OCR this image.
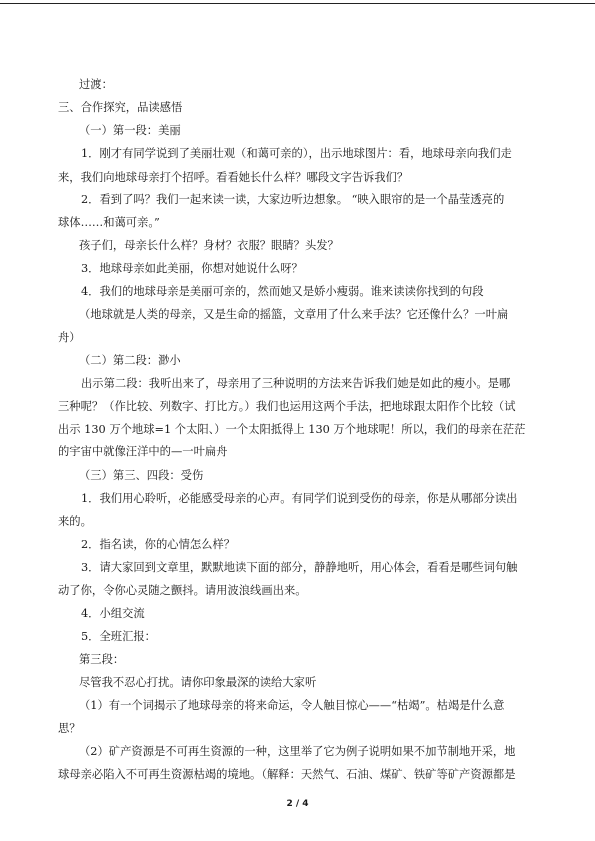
过渡：
三、合作探究，品读感悟
（一）第一段：美丽
1．刚才有同学说到了美丽壮观（和蔼可亲的），出示地球图片：看，地球母亲向我们走
来，我们向地球母亲打个招呼。看看她长什么样？哪段文字告诉我们？
2．看到了吗？我们一起来读一读，大家边听边想象。 “映入眼帘的是一个晶莹透亮的
球体……和蔼可亲。”
孩子们，母亲长什么样？身材？衣服？眼睛？头发？
3．地球母亲如此美丽，你想对她说什么呀？
4．我们的地球母亲是美丽可亲的，然而她又是娇小瘦弱。谁来读读你找到的句段
（地球就是人类的母亲，又是生命的摇篮，文章用了什么来手法？它还像什么？一叶扁
舟）
（二）第二段：渺小
出示第二段：我听出来了，母亲用了三种说明的方法来告诉我们她是如此的瘦小。是哪
三种呢？（作比较、列数字、打比方。）我们也运用这两个手法，把地球跟太阳作个比较（试
出示 130 万个地球=1 个太阳、）一个太阳抵得上 130 万个地球呢！所以，我们的母亲在茫茫
的宇宙中就像汪洋中的—一叶扁舟
（三）第三、四段：受伤
1．我们用心聆听，必能感受母亲的心声。有同学们说到受伤的母亲，你是从哪部分读出
来的。
2．指名读，你的心情怎么样？
3．请大家回到文章里，默默地读下面的部分，静静地听，用心体会，看看是哪些词句触
动了你，令你心灵随之颤抖。请用波浪线画出来。
4．小组交流
5．全班汇报：
第三段：
尽管我不忍心打扰。请你印象最深的读给大家听
（1）有一个词揭示了地球母亲的将来命运，令人触目惊心——“枯竭”。枯竭是什么意
思？
（2）矿产资源是不可再生资源的一种，这里举了它为例子说明如果不加节制地开采，地
球母亲必陷入不可再生资源枯竭的境地。（解释：天然气、石油、煤矿、铁矿等矿产资源都是
2 / 4
